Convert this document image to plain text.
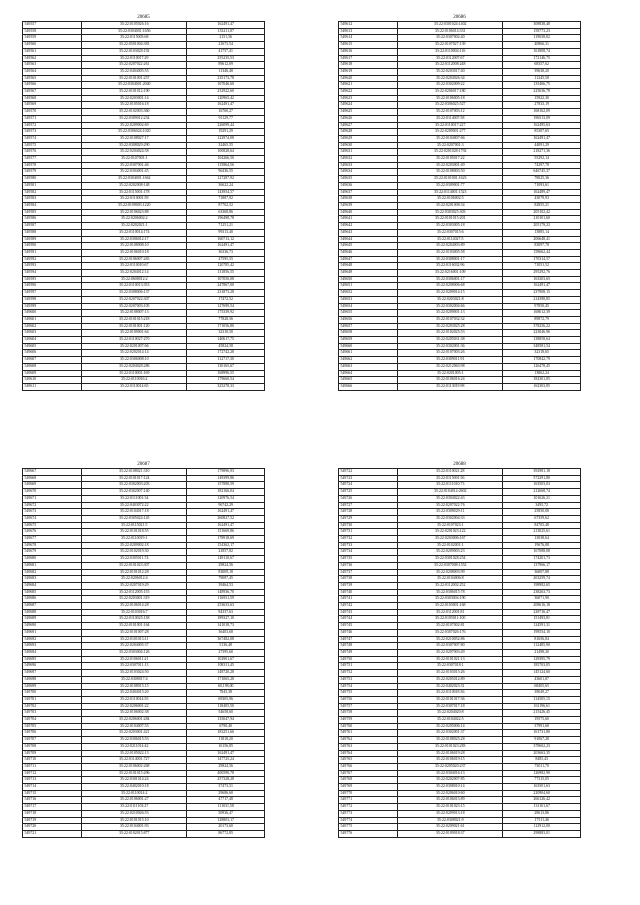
20685
549557	35:22:0105026:16	162491,47
549558	35:22:0304001:1656	133211,87
549559	35:22:0115003:68	2151,56
549560	35:22:0501004:381	21673,54
549561	35:22:0103028:192	41757,41
549562	35:22:0110017:29	255235,53
549563	35:22:0207022:261	89612,09
549564	35:22:0404005:55	11346,48
549565	35:22:0101001:257	235173,78
549566	35:22:0304001:2040	167046,60
549567	35:22:0101012:190	232922,60
549568	35:22:0203001:14	120965,42
549569	35:22:0105016:18	162491,47
549570	35:22:0102003:360	16760,27
549571	35:22:0309012:234	91129,77
549572	35:22:0209002:69	226099,44
549573	35:22:0306024:1020	19291,29
549574	35:22:0108027:17	122974,08
549575	35:22:0308029:290	32465,55
549576	35:22:0204024:58	100828,64
549577	35:22:0107001:1	104266,50
549578	35:22:0307001:46	115864,56
549579	35:22:0304001:45	96436,55
549580	35:22:0304001:1662	127287,92
549581	35:22:0202008:148	36622,24
549582	35:22:0115001:178	143954,57
549583	35:22:0110001:59	71887,92
549584	35:22:0109003:1220	87702,52
549585	35:22:0106023:88	63368,86
549586	35:22:0206002:2	196498,78
549587	35:22:0202021:1	71251,21
549588	35:22:0110014:174	99313,40
549589	35:22:0306012:17	160713,12
549590	35:22:0108008:10	162491,47
549591	35:22:0106010:18	36336,73
549592	35:22:0106007:265	27595,55
549593	35:22:0110010:67	120785,42
549594	35:22:0204012:14	131856,55
549595	35:22:0608012:2	107050,08
549596	35:22:0110013:353	247867,00
549597	35:22:0308006:137	231873,28
549598	35:22:0207022:307	17472,52
549599	35:22:0207003:105	127699,54
549600	35:22:0108007:13	175339,92
549601	35:22:0101015:218	77828,56
549602	35:22:0101001:120	171056,80
549603	35:22:0109001:64	32310,50
549604	35:22:0110027:270	140617,75
549605	35:22:0201007:66	45824,58
549606	35:22:0202014:14	172742,28
549607	35:22:0306008:10	112717,30
549608	35:22:0204028:286	130165,67
549609	35:22:0110001:169	168996,55
549610	35:22:0110016:2	179660,54
549611	35:22:0110014:65	325278,33
20686
549612	35:22:0301024:1402	308838,48
549613	35:22:0106014:331	158773,23
549614	35:22:0307002:40	119038,82
549615	35:22:0107027:139	40866,31
549616	35:22:0110004:116	161808,74
549617	35:22:0112007:67	172146,75
549618	35:22:0112008:248	68357,62
549619	35:22:0203017:40	39638,20
549620	35:22:0204026:34	11245,58
549621	35:22:0302009:22	135466,75
549622	35:22:0206017:180	225636,78
549623	35:22:0106005:18	15922,30
549624	35:22:0306025:527	27833,19
549625	35:22:0107003:12	168162,09
549626	35:22:0114007:58	196513,09
549627	35:22:0110017:227	162495,63
549628	35:22:0209001:277	85307,65
549629	35:22:0104007:66	162491,47
549630	35:22:0207001:3	44091,29
549631	35:22:0201028:1792	218271,36
549632	35:22:0105017:22	55292,14
549633	35:22:0203001:49	74297,78
549634	35:22:0108003:50	646745,37
549635	35:22:0101001:1623	78025,36
549636	35:22:0309001:77	71093,61
549637	35:22:0114001:1523	162489,47
549638	35:22:0106002:5	43079,93
549639	35:22:0201008:34	82855,21
549640	35:22:0303025:303	205102,42
549641	35:22:0101015:201	210101,60
549642	35:22:0303005:18	205179,23
549643	35:22:0307015:6	13885,14
549644	35:22:0114027:5	206648,41
549645	35:22:0204003:89	83097,78
549646	35:22:0103005:58	158662,44
549647	35:22:0308001:17	170314,57
549648	35:22:0116032:96	71051,52
549649	35:22:0216001:109	295292,76
549650	35:22:0306001:17	163303,65
549651	35:22:0208006:68	162491,47
549652	35:22:0209014:15	237908,15
549653	35:22:0203021:8	214398,85
549654	35:22:0302004:66	97850,45
549655	35:22:0209001:13	168612,39
549656	35:22:0107032:32	89872,79
549657	35:22:0203025:28	378256,22
549658	35:22:0102025:53	223046,96
549659	35:22:0205031:38	138858,64
549660	35:22:0302001:36	348581,54
549661	35:22:0107003:26	32318,65
549662	35:22:0309011:91	170842,79
549663	35:22:0212063:98	126478,45
549664	35:22:0201005:1	13862,24
549665	35:22:0106016:24	182301,85
549666	35:22:0113019:98	162303,85
20687
549667	35:22:0108021:310	179896,93
549668	35:22:0101017:124	149399,86
549669	35:22:0302003:203	157888,59
549670	35:22:0302007:140	182166,04
549671	35:22:0111001:34	120976,54
549672	35:22:0403072:22	96742,29
549673	35:22:0104017:18	162491,47
549674	35:22:0305024:145	260827,52
549675	35:22:0115021:5	162491,47
549676	35:22:0101018:55	151669,86
549677	35:22:0110019:1	178918,69
549678	35:22:0209002:18	154362,17
549679	35:22:0102019:30	21857,82
549680	35:22:0305011:74	149110,67
549681	35:22:0101023:307	29824,56
549682	35:22:0101012:28	83009,18
549683	35:22:0206012:4	79087,45
549684	35:22:0207019:29	39464,53
549685	35:22:0112005:155	148936,70
549686	35:22:0203001:319	116931,59
549687	35:22:0106014:28	253633,63
549688	35:22:0103016:7	84337,63
549689	35:22:0110025:138	189327,10
549690	35:22:0101001:164	141018,73
549691	35:22:0101007:28	36403,68
549692	35:22:0101013:11	367482,08
549693	35:22:0204005:37	5136,48
549694	35:22:0303004:126	27395,60
549695	35:22:0106011:21	102901,67
549696	35:22:0307011:13	108311,45
549697	35:22:0103024:50	148720,28
549698	35:22:0308017:4	171065,28
549699	35:22:0108015:15	60,198,00
549700	35:22:0404015:20	7845,38
549701	35:22:0110014:55	69305,96
549702	35:22:0206001:22	118405,50
549703	35:22:0106002:38	54658,60
549704	35:22:0206001:284	135047,94
549705	35:22:0104007:53	6790,40
549706	35:22:0203001:421	183251,66
549707	35:22:0306015:53	11818,20
549708	35:22:0211014:42	16156,85
549709	35:22:0105022:13	162491,47
549710	35:22:0114001:727	147725,24
549711	35:22:0106002:268	29824,56
549712	35:22:0101015:296	400590,78
549713	35:22:0301014:24	257328,28
549714	35:22:0402010:18	37473,51
549715	35:22:0110014:2	29686,60
549716	35:22:0106001:27	47717,48
549717	35:22:0111103:27	111031,58
549718	35:22:0210026:53	50936,47
549719	35:22:0101015:10	128803,17
549720	35:22:0104001:93	20173,60
549721	35:22:0102015:877	86772,85
20688
549722	35:22:0110021:28	392981,18
549723	35:22:0115001:56	572291,80
549724	35:22:0111010:73	163503,03
549725	35:22:0104014:2602	212668,74
549726	35:22:0304022:43	101626,21
549727	35:22:0207022:76	3495,72
549728	35:22:0308029:11	25850,08
549729	35:22:0302004:33	67359,62
549730	35:22:0107023:1	84705,48
549731	35:22:0201023:122	213025,61
549732	35:22:0203006:167	13038,64
549733	35:22:0102001:1	19676,08
549734	35:22:0209003:23	167088,08
549735	35:22:0301028:254	174201,73
549736	35:22:0307008:1552	137966,17
549737	35:22:0208003:99	36007,88
549738	35:22:0104006:8	203259,74
549739	35:22:0112002:252	198982,65
549740	35:22:0306015:78	238263,73
549741	35:22:0303004:190	36071,90
549742	35:22:0103001:168	208616,18
549743	35:22:0112001:81	228716,47
549744	35:22:0105011:100	151493,81
549745	35:22:0107002:81	124591,31
549746	35:22:0307026:176	198554,10
549747	35:22:0210052:86	81656,84
549748	35:22:0307007:80	112485,90
549749	35:22:0207003:49	21498,20
549750	35:22:0101021:13	129395,79
549751	35:22:0307018:1	185703,05
549752	35:22:0103015:26	145124,60
549753	35:22:0205012:89	43601,87
549754	35:22:0402023:31	68405,65
549755	35:22:0110018:36	39049,27
549756	35:22:0101017:36	114505,15
549757	35:22:0307017:18	161196,61
549758	35:22:0204020:8	215426,45
549759	35:22:0104022:5	19575,60
549760	35:22:0205006:14	37991,68
549761	35:22:0302001:37	161731,80
549762	35:22:0108025:28	91067,28
549763	35:22:0101023:283	378602,23
549764	35:22:0106019:28	203663,35
549765	35:22:0106019:15	8485,43
549766	35:22:0205020:237	73011,70
549767	35:22:0304016:13	126982,90
549768	35:22:0202007:85	77315,05
549769	35:22:0308010:14	163501,63
549770	35:22:0206010:60	220904,60
549771	35:22:0106015:89	266126,42
549772	35:22:0101023:15	131101,67
549773	35:22:0209013:18	28613,86
549774	35:22:0308021:9	17511,46
549775	35:22:0209021:61	112912,00
549776	35:22:0109018:37	298883,01
